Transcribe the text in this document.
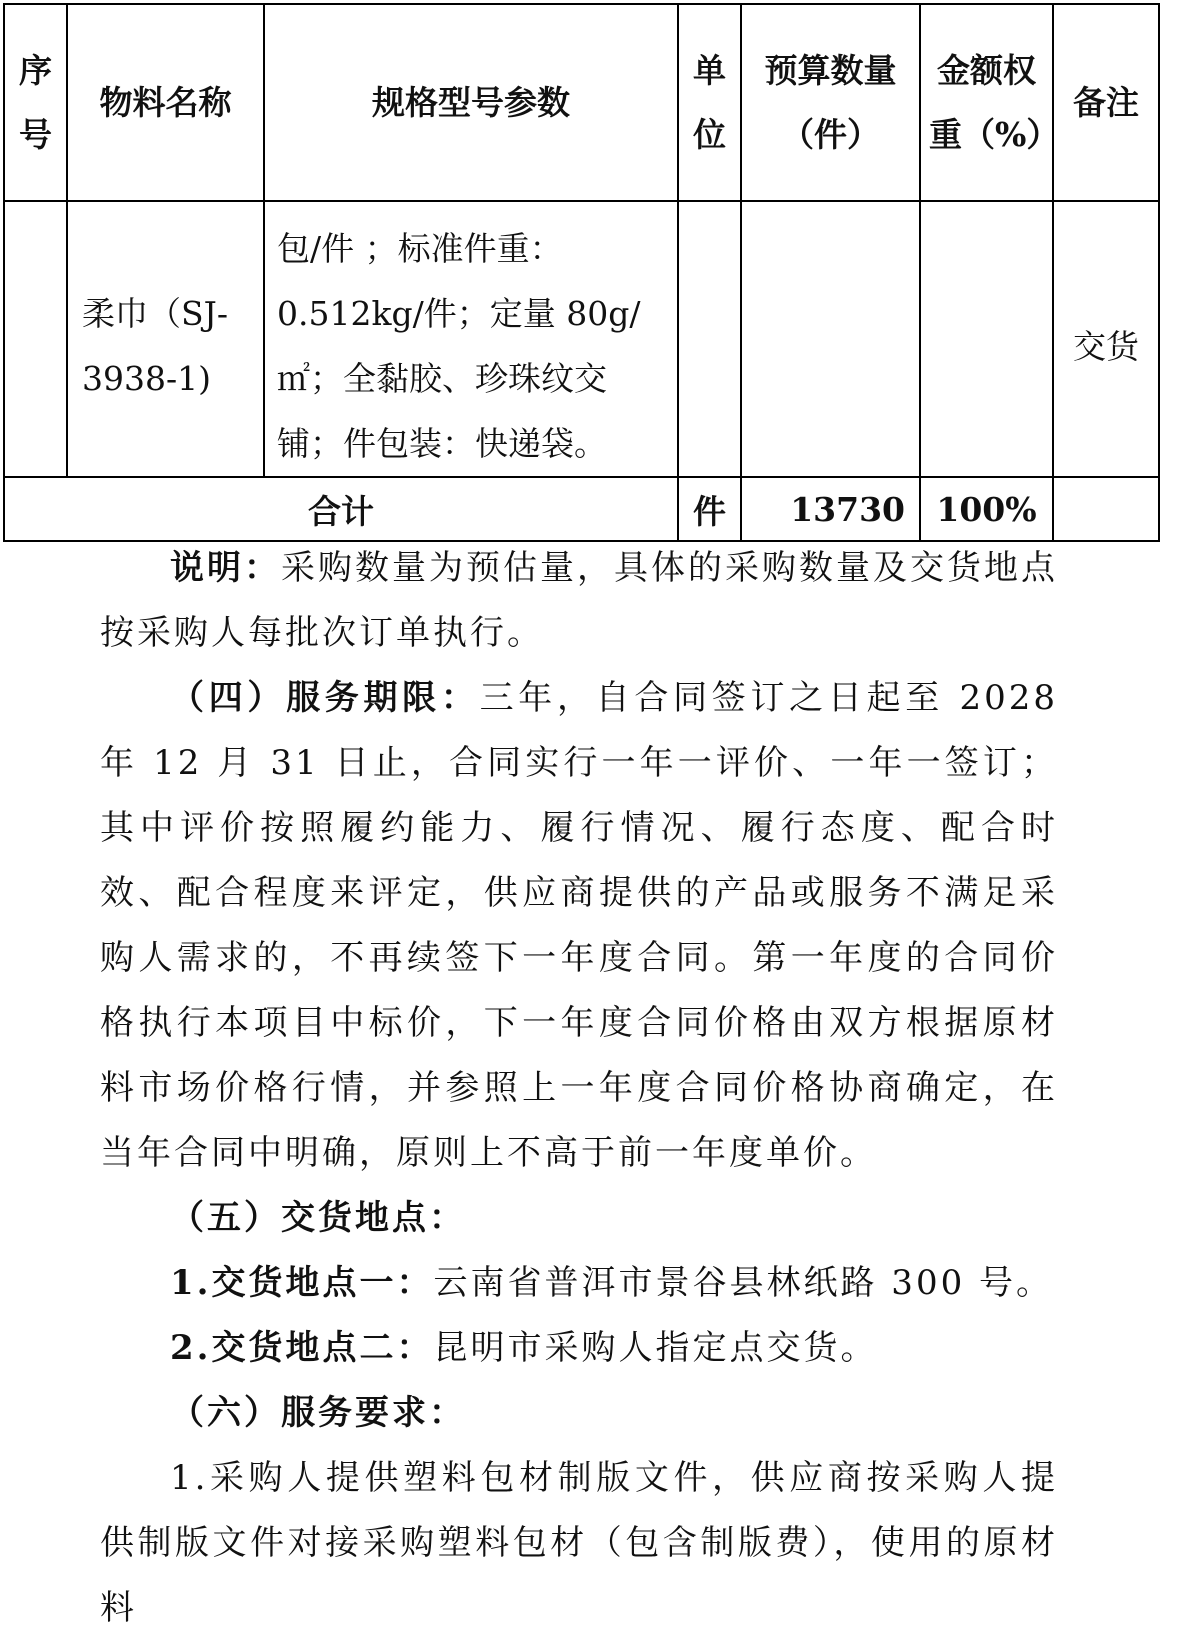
序号	物料名称	规格型号参数	单位	预算数量（件）	金额权重（%）	备注
	柔巾（SJ-3938-1)	包/件 ；标准件重：0.512kg/件；定量 80g/㎡；全黏胶、珍珠纹交铺；件包装：快递袋。				交货
合计			件	13730	100%	

说明：采购数量为预估量，具体的采购数量及交货地点按采购人每批次订单执行。

（四）服务期限：三年，自合同签订之日起至 2028 年 12 月 31 日止，合同实行一年一评价、一年一签订；其中评价按照履约能力、履行情况、履行态度、配合时效、配合程度来评定，供应商提供的产品或服务不满足采购人需求的，不再续签下一年度合同。第一年度的合同价格执行本项目中标价，下一年度合同价格由双方根据原材料市场价格行情，并参照上一年度合同价格协商确定，在当年合同中明确，原则上不高于前一年度单价。

（五）交货地点：

1.交货地点一：云南省普洱市景谷县林纸路 300 号。

2.交货地点二：昆明市采购人指定点交货。

（六）服务要求：

1.采购人提供塑料包材制版文件，供应商按采购人提供制版文件对接采购塑料包材（包含制版费），使用的原材料
